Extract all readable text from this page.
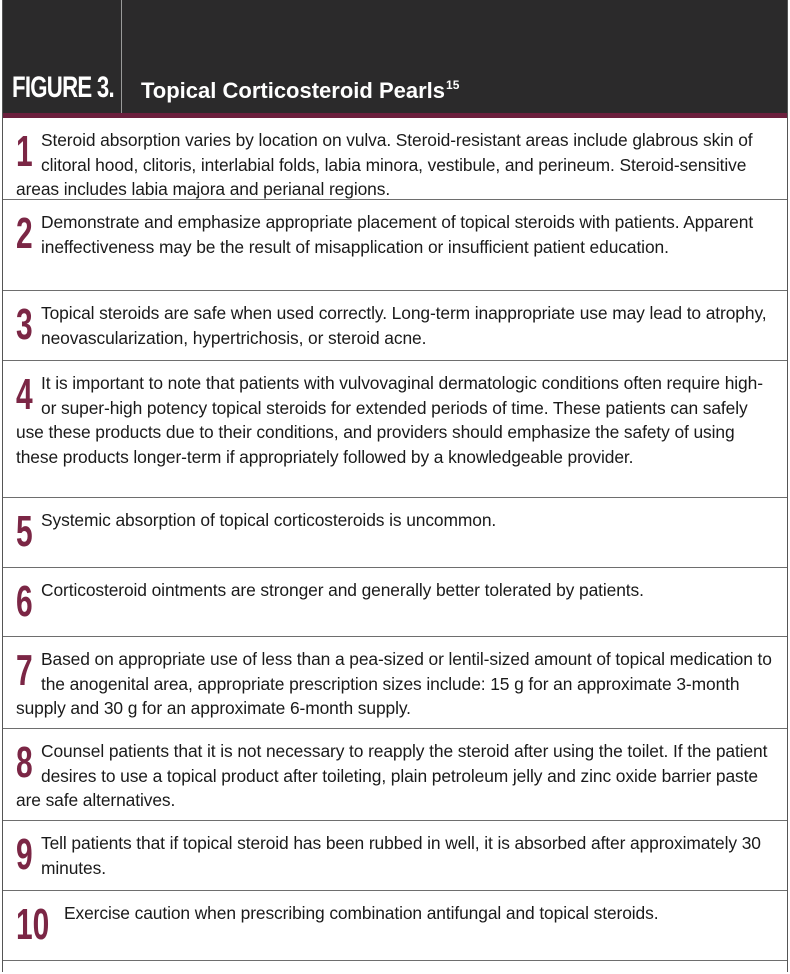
FIGURE 3.	Topical Corticosteroid Pearls$^{15}$
1 Steroid absorption varies by location on vulva. Steroid-resistant areas include glabrous skin of clitoral hood, clitoris, interlabial folds, labia minora, vestibule, and perineum. Steroid-sensitive areas includes labia majora and perianal regions.
2 Demonstrate and emphasize appropriate placement of topical steroids with patients. Apparent ineffectiveness may be the result of misapplication or insufficient patient education.
3 Topical steroids are safe when used correctly. Long-term inappropriate use may lead to atrophy, neovascularization, hypertrichosis, or steroid acne.
4 It is important to note that patients with vulvovaginal dermatologic conditions often require high- or super-high potency topical steroids for extended periods of time. These patients can safely use these products due to their conditions, and providers should emphasize the safety of using these products longer-term if appropriately followed by a knowledgeable provider.
5 Systemic absorption of topical corticosteroids is uncommon.
6 Corticosteroid ointments are stronger and generally better tolerated by patients.
7 Based on appropriate use of less than a pea-sized or lentil-sized amount of topical medication to the anogenital area, appropriate prescription sizes include: 15 g for an approximate 3-month supply and 30 g for an approximate 6-month supply.
8 Counsel patients that it is not necessary to reapply the steroid after using the toilet. If the patient desires to use a topical product after toileting, plain petroleum jelly and zinc oxide barrier paste are safe alternatives.
9 Tell patients that if topical steroid has been rubbed in well, it is absorbed after approximately 30 minutes.
10 Exercise caution when prescribing combination antifungal and topical steroids.
